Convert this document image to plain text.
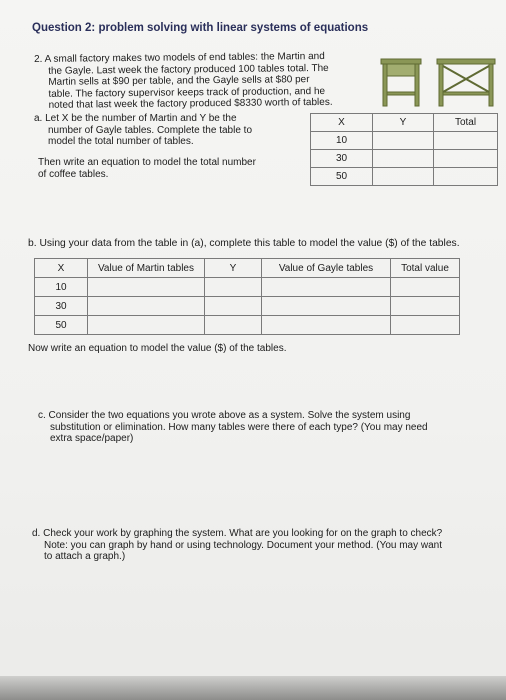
Question 2: problem solving with linear systems of equations
2. A small factory makes two models of end tables: the Martin and
the Gayle. Last week the factory produced 100 tables total. The
Martin sells at $90 per table, and the Gayle sells at $80 per
table. The factory supervisor keeps track of production, and he
noted that last week the factory produced $8330 worth of tables.
a. Let X be the number of Martin and Y be the
number of Gayle tables. Complete the table to
model the total number of tables.
Then write an equation to model the total number
of coffee tables.
X	Y	Total
10		
30		
50		
b. Using your data from the table in (a), complete this table to model the value ($) of the tables.
X	Value of Martin tables	Y	Value of Gayle tables	Total value
10				
30				
50				
Now write an equation to model the value ($) of the tables.
c. Consider the two equations you wrote above as a system. Solve the system using
substitution or elimination. How many tables were there of each type? (You may need
extra space/paper)
d. Check your work by graphing the system. What are you looking for on the graph to check?
Note: you can graph by hand or using technology. Document your method. (You may want
to attach a graph.)
